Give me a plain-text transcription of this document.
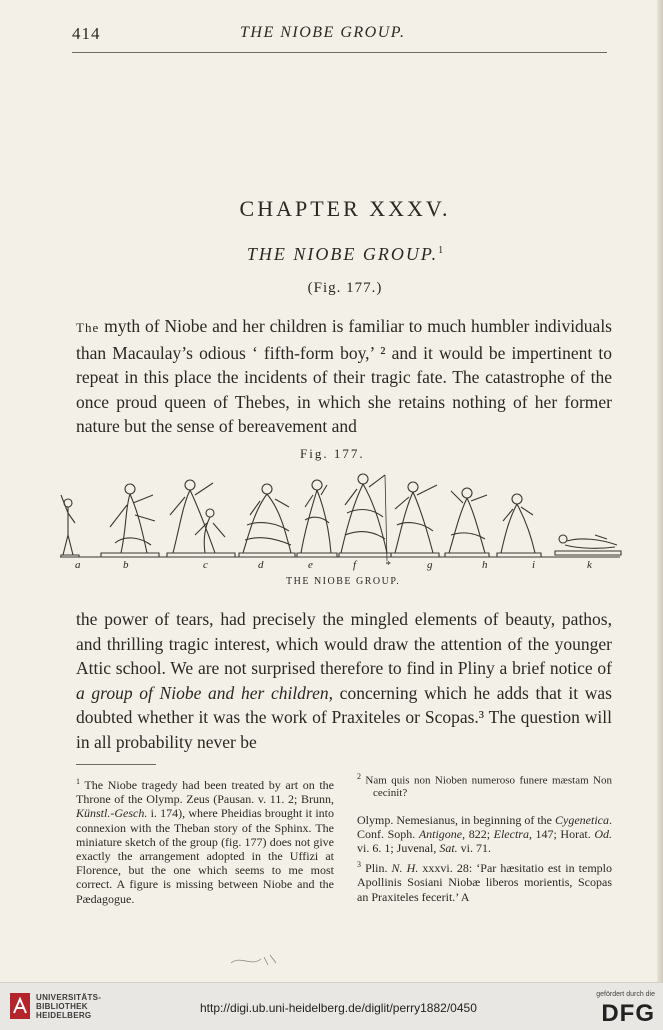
414	THE NIOBE GROUP.
CHAPTER XXXV.
THE NIOBE GROUP.$^1$
(Fig. 177.)

The myth of Niobe and her children is familiar to much humbler individuals than Macaulay’s odious ‘ fifth-form boy,’ ² and it would be impertinent to repeat in this place the incidents of their tragic fate. The catastrophe of the once proud queen of Thebes, in which she retains nothing of her former nature but the sense of bereavement and

Fig. 177.
a	b	c	d	e	f	*	g	h	i	k
THE NIOBE GROUP.

the power of tears, had precisely the mingled elements of beauty, pathos, and thrilling tragic interest, which would draw the attention of the younger Attic school. We are not surprised therefore to find in Pliny a brief notice of a group of Niobe and her children, concerning which he adds that it was doubted whether it was the work of Praxiteles or Scopas.³ The question will in all probability never be

$^1$ The Niobe tragedy had been treated by art on the Throne of the Olymp. Zeus (Pausan. v. 11. 2; Brunn, Künstl.-Gesch. i. 174), where Pheidias brought it into connexion with the Theban story of the Sphinx. The miniature sketch of the group (fig. 177) does not give exactly the arrangement adopted in the Uffizi at Florence, but the one which seems to me most correct. A figure is missing between Niobe and the Pædagogue.

$^2$ Nam quis non Nioben numeroso funere mæstam Non cecinit?

Olymp. Nemesianus, in beginning of the Cygenetica. Conf. Soph. Antigone, 822; Electra, 147; Horat. Od. vi. 6. 1; Juvenal, Sat. vi. 71.

$^3$ Plin. N. H. xxxvi. 28: ‘Par hæsitatio est in templo Apollinis Sosiani Niobæ liberos morientis, Scopas an Praxiteles fecerit.’ A

UNIVERSITÄTS-BIBLIOTHEK HEIDELBERG
http://digi.ub.uni-heidelberg.de/diglit/perry1882/0450
gefördert durch die
DFG
